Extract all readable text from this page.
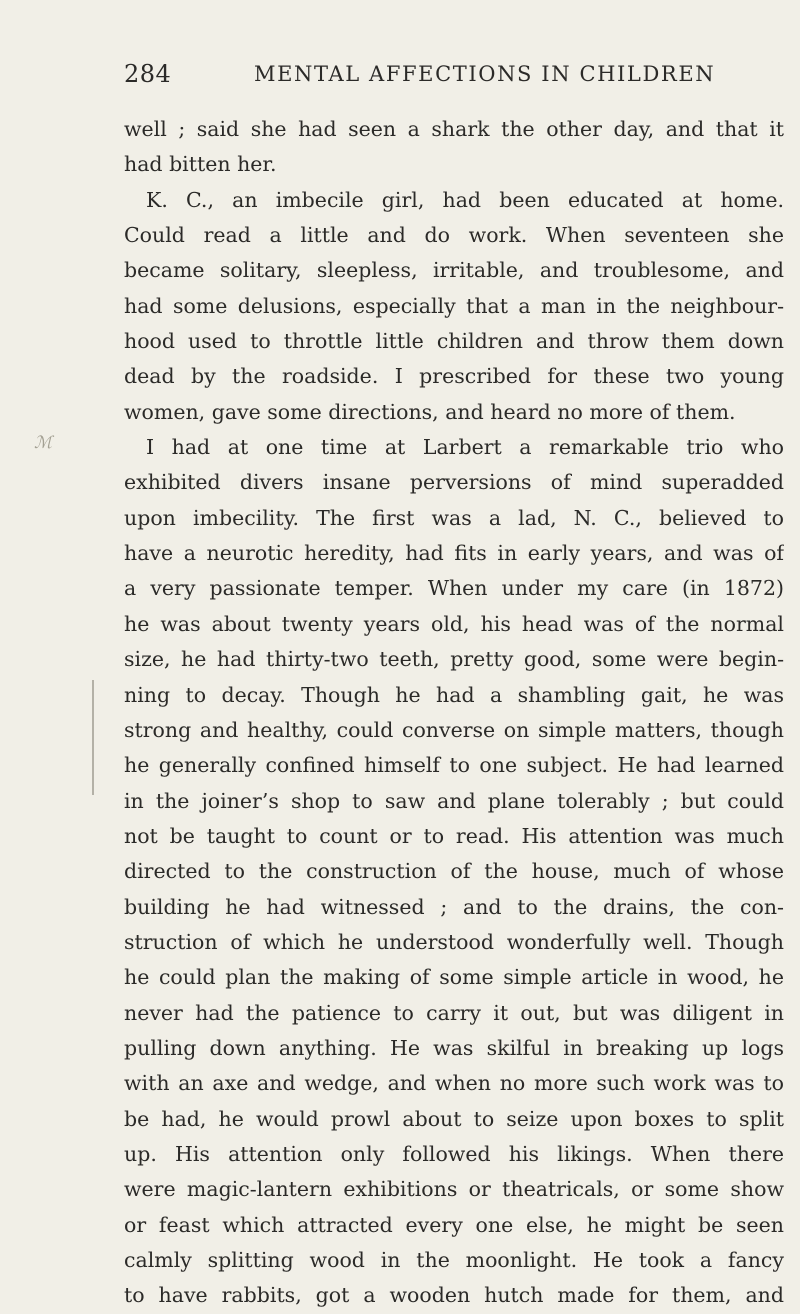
284	MENTAL AFFECTIONS IN CHILDREN
ℳ
well ; said she had seen a shark the other day, and that it
had bitten her.
K. C., an imbecile girl, had been educated at home.
Could read a little and do work. When seventeen she
became solitary, sleepless, irritable, and troublesome, and
had some delusions, especially that a man in the neighbour-
hood used to throttle little children and throw them down
dead by the roadside. I prescribed for these two young
women, gave some directions, and heard no more of them.
I had at one time at Larbert a remarkable trio who
exhibited divers insane perversions of mind superadded
upon imbecility. The first was a lad, N. C., believed to
have a neurotic heredity, had fits in early years, and was of
a very passionate temper. When under my care (in 1872)
he was about twenty years old, his head was of the normal
size, he had thirty-two teeth, pretty good, some were begin-
ning to decay. Though he had a shambling gait, he was
strong and healthy, could converse on simple matters, though
he generally confined himself to one subject. He had learned
in the joiner’s shop to saw and plane tolerably ; but could
not be taught to count or to read. His attention was much
directed to the construction of the house, much of whose
building he had witnessed ; and to the drains, the con-
struction of which he understood wonderfully well. Though
he could plan the making of some simple article in wood, he
never had the patience to carry it out, but was diligent in
pulling down anything. He was skilful in breaking up logs
with an axe and wedge, and when no more such work was to
be had, he would prowl about to seize upon boxes to split
up. His attention only followed his likings. When there
were magic-lantern exhibitions or theatricals, or some show
or feast which attracted every one else, he might be seen
calmly splitting wood in the moonlight. He took a fancy
to have rabbits, got a wooden hutch made for them, and
